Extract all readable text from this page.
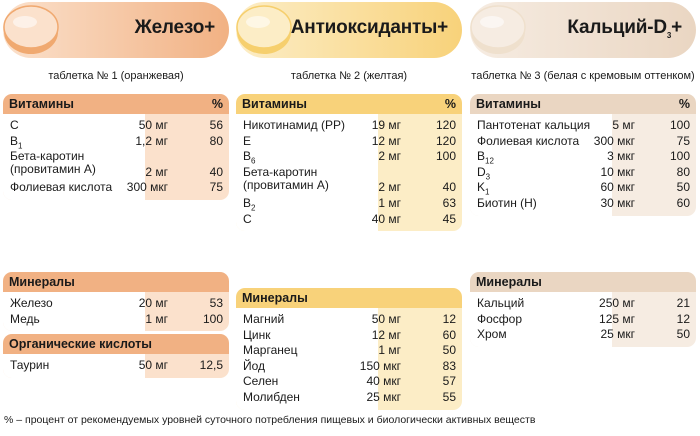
Железо+
таблетка № 1 (оранжевая)
Витамины	%
C	50 мг	56
$B_1$	1,2 мг	80
Бета-каротин (провитамин А)	2 мг	40
Фолиевая кислота	300 мкг	75
Минералы
Железо	20 мг	53
Медь	1 мг	100
Органические кислоты
Таурин	50 мг	12,5
Антиоксиданты+
таблетка № 2 (желтая)
Витамины	%
Никотинамид (PP)	19 мг	120
E	12 мг	120
$B_6$	2 мг	100
Бета-каротин (провитамин А)	2 мг	40
$B_2$	1 мг	63
C	40 мг	45
Минералы
Магний	50 мг	12
Цинк	12 мг	60
Марганец	1 мг	50
Йод	150 мкг	83
Селен	40 мкг	57
Молибден	25 мкг	55
Кальций-$D_3+$
таблетка № 3 (белая с кремовым оттенком)
Витамины	%
Пантотенат кальция	5 мг	100
Фолиевая кислота	300 мкг	75
$B_{12}$	3 мкг	100
$D_3$	10 мкг	80
$K_1$	60 мкг	50
Биотин (H)	30 мкг	60
Минералы
Кальций	250 мг	21
Фосфор	125 мг	12
Хром	25 мкг	50
% – процент от рекомендуемых уровней суточного потребления пищевых и биологически активных веществ
